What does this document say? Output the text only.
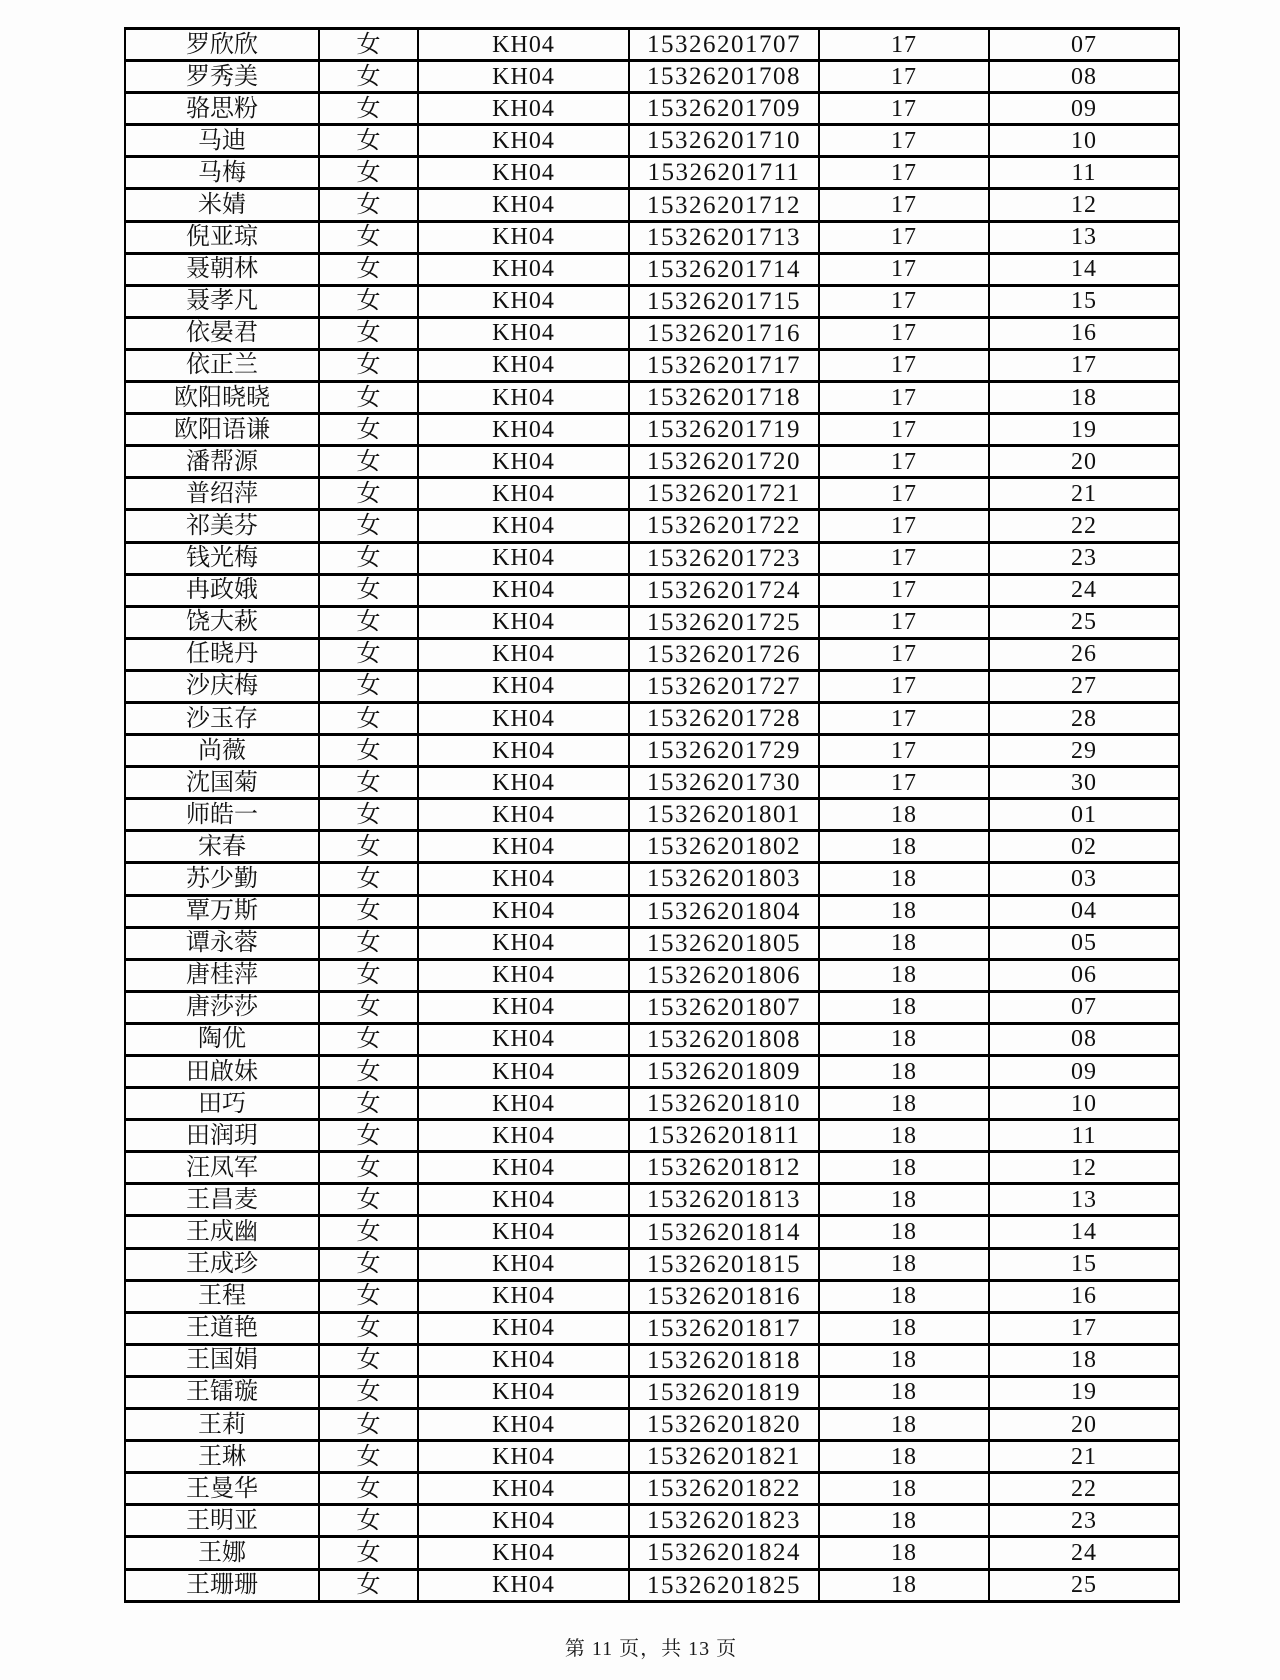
罗欣欣	女	KH04	15326201707	17	07
罗秀美	女	KH04	15326201708	17	08
骆思粉	女	KH04	15326201709	17	09
马迪	女	KH04	15326201710	17	10
马梅	女	KH04	15326201711	17	11
米婧	女	KH04	15326201712	17	12
倪亚琼	女	KH04	15326201713	17	13
聂朝林	女	KH04	15326201714	17	14
聂孝凡	女	KH04	15326201715	17	15
依晏君	女	KH04	15326201716	17	16
依正兰	女	KH04	15326201717	17	17
欧阳晓晓	女	KH04	15326201718	17	18
欧阳语谦	女	KH04	15326201719	17	19
潘帮源	女	KH04	15326201720	17	20
普绍萍	女	KH04	15326201721	17	21
祁美芬	女	KH04	15326201722	17	22
钱光梅	女	KH04	15326201723	17	23
冉政娥	女	KH04	15326201724	17	24
饶大萩	女	KH04	15326201725	17	25
任晓丹	女	KH04	15326201726	17	26
沙庆梅	女	KH04	15326201727	17	27
沙玉存	女	KH04	15326201728	17	28
尚薇	女	KH04	15326201729	17	29
沈国菊	女	KH04	15326201730	17	30
师皓一	女	KH04	15326201801	18	01
宋春	女	KH04	15326201802	18	02
苏少勤	女	KH04	15326201803	18	03
覃万斯	女	KH04	15326201804	18	04
谭永蓉	女	KH04	15326201805	18	05
唐桂萍	女	KH04	15326201806	18	06
唐莎莎	女	KH04	15326201807	18	07
陶优	女	KH04	15326201808	18	08
田啟妹	女	KH04	15326201809	18	09
田巧	女	KH04	15326201810	18	10
田润玥	女	KH04	15326201811	18	11
汪凤军	女	KH04	15326201812	18	12
王昌麦	女	KH04	15326201813	18	13
王成幽	女	KH04	15326201814	18	14
王成珍	女	KH04	15326201815	18	15
王程	女	KH04	15326201816	18	16
王道艳	女	KH04	15326201817	18	17
王国娟	女	KH04	15326201818	18	18
王镭璇	女	KH04	15326201819	18	19
王莉	女	KH04	15326201820	18	20
王琳	女	KH04	15326201821	18	21
王曼华	女	KH04	15326201822	18	22
王明亚	女	KH04	15326201823	18	23
王娜	女	KH04	15326201824	18	24
王珊珊	女	KH04	15326201825	18	25
第 11 页，共 13 页
